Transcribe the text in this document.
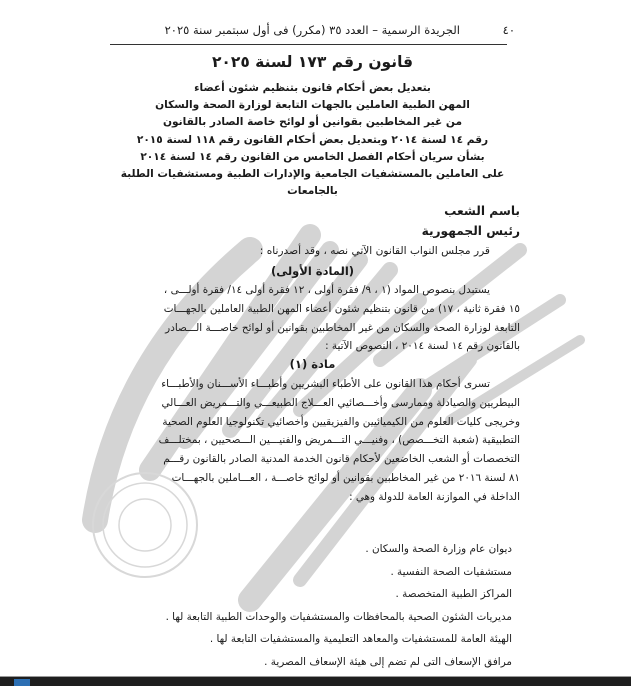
٤٠
الجريدة الرسمية – العدد ٣٥ (مكرر) فى أول سبتمبر سنة ٢٠٢٥
قانون رقم ١٧٣ لسنة ٢٠٢٥
بتعديل بعض أحكام قانون بتنظيم شئون أعضاء
المهن الطبية العاملين بالجهات التابعة لوزارة الصحة والسكان
من غير المخاطبين بقوانين أو لوائح خاصة الصادر بالقانون
رقم ١٤ لسنة ٢٠١٤ وبتعديل بعض أحكام القانون رقم ١١٨ لسنة ٢٠١٥
بشأن سريان أحكام الفصل الخامس من القانون رقم ١٤ لسنة ٢٠١٤
على العاملين بالمستشفيات الجامعية والإدارات الطبية ومستشفيات الطلبة بالجامعات
باسم الشعب
رئيس الجمهورية
قرر مجلس النواب القانون الآتي نصه ، وقد أصدرناه :
(المادة الأولى)
يستبدل بنصوص المواد (١ ، ٩/ فقرة أولى ، ١٢ فقرة أولى ١٤/ فقرة أولـــى ،
١٥ فقرة ثانية ، ١٧) من قانون بتنظيم شئون أعضاء المهن الطبية العاملين بالجهـــات
التابعة لوزارة الصحة والسكان من غير المخاطبين بقوانين أو لوائح خاصـــة الـــصادر
بالقانون رقم ١٤ لسنة ٢٠١٤ ، النصوص الآتية :
مادة (١)
تسرى أحكام هذا القانون على الأطباء البشريين وأطبـــاء الأســـنان والأطبـــاء
البيطريين والصيادلة وممارسى وأخـــصائيي العـــلاج الطبيعـــي والتـــمريض العـــالي
وخريجى كليات العلوم من الكيميائيين والفيزيقيين وأخصائيي تكنولوجيا العلوم الصحية
التطبيقية (شعبة التخـــصص) ، وفنيـــي التـــمريض والفنيـــين الـــصحيين ، بمختلـــف
التخصصات أو الشعب الخاضعين لأحكام قانون الخدمة المدنية الصادر بالقانون رقـــم
٨١ لسنة ٢٠١٦ من غير المخاطبين بقوانين أو لوائح خاصـــة ، العـــاملين بالجهـــات
الداخلة في الموازنة العامة للدولة وهي :
ديوان عام وزارة الصحة والسكان .
مستشفيات الصحة النفسية .
المراكز الطبية المتخصصة .
مديريات الشئون الصحية بالمحافظات والمستشفيات والوحدات الطبية التابعة لها .
الهيئة العامة للمستشفيات والمعاهد التعليمية والمستشفيات التابعة لها .
مرافق الإسعاف التى لم تضم إلى هيئة الإسعاف المصرية .
